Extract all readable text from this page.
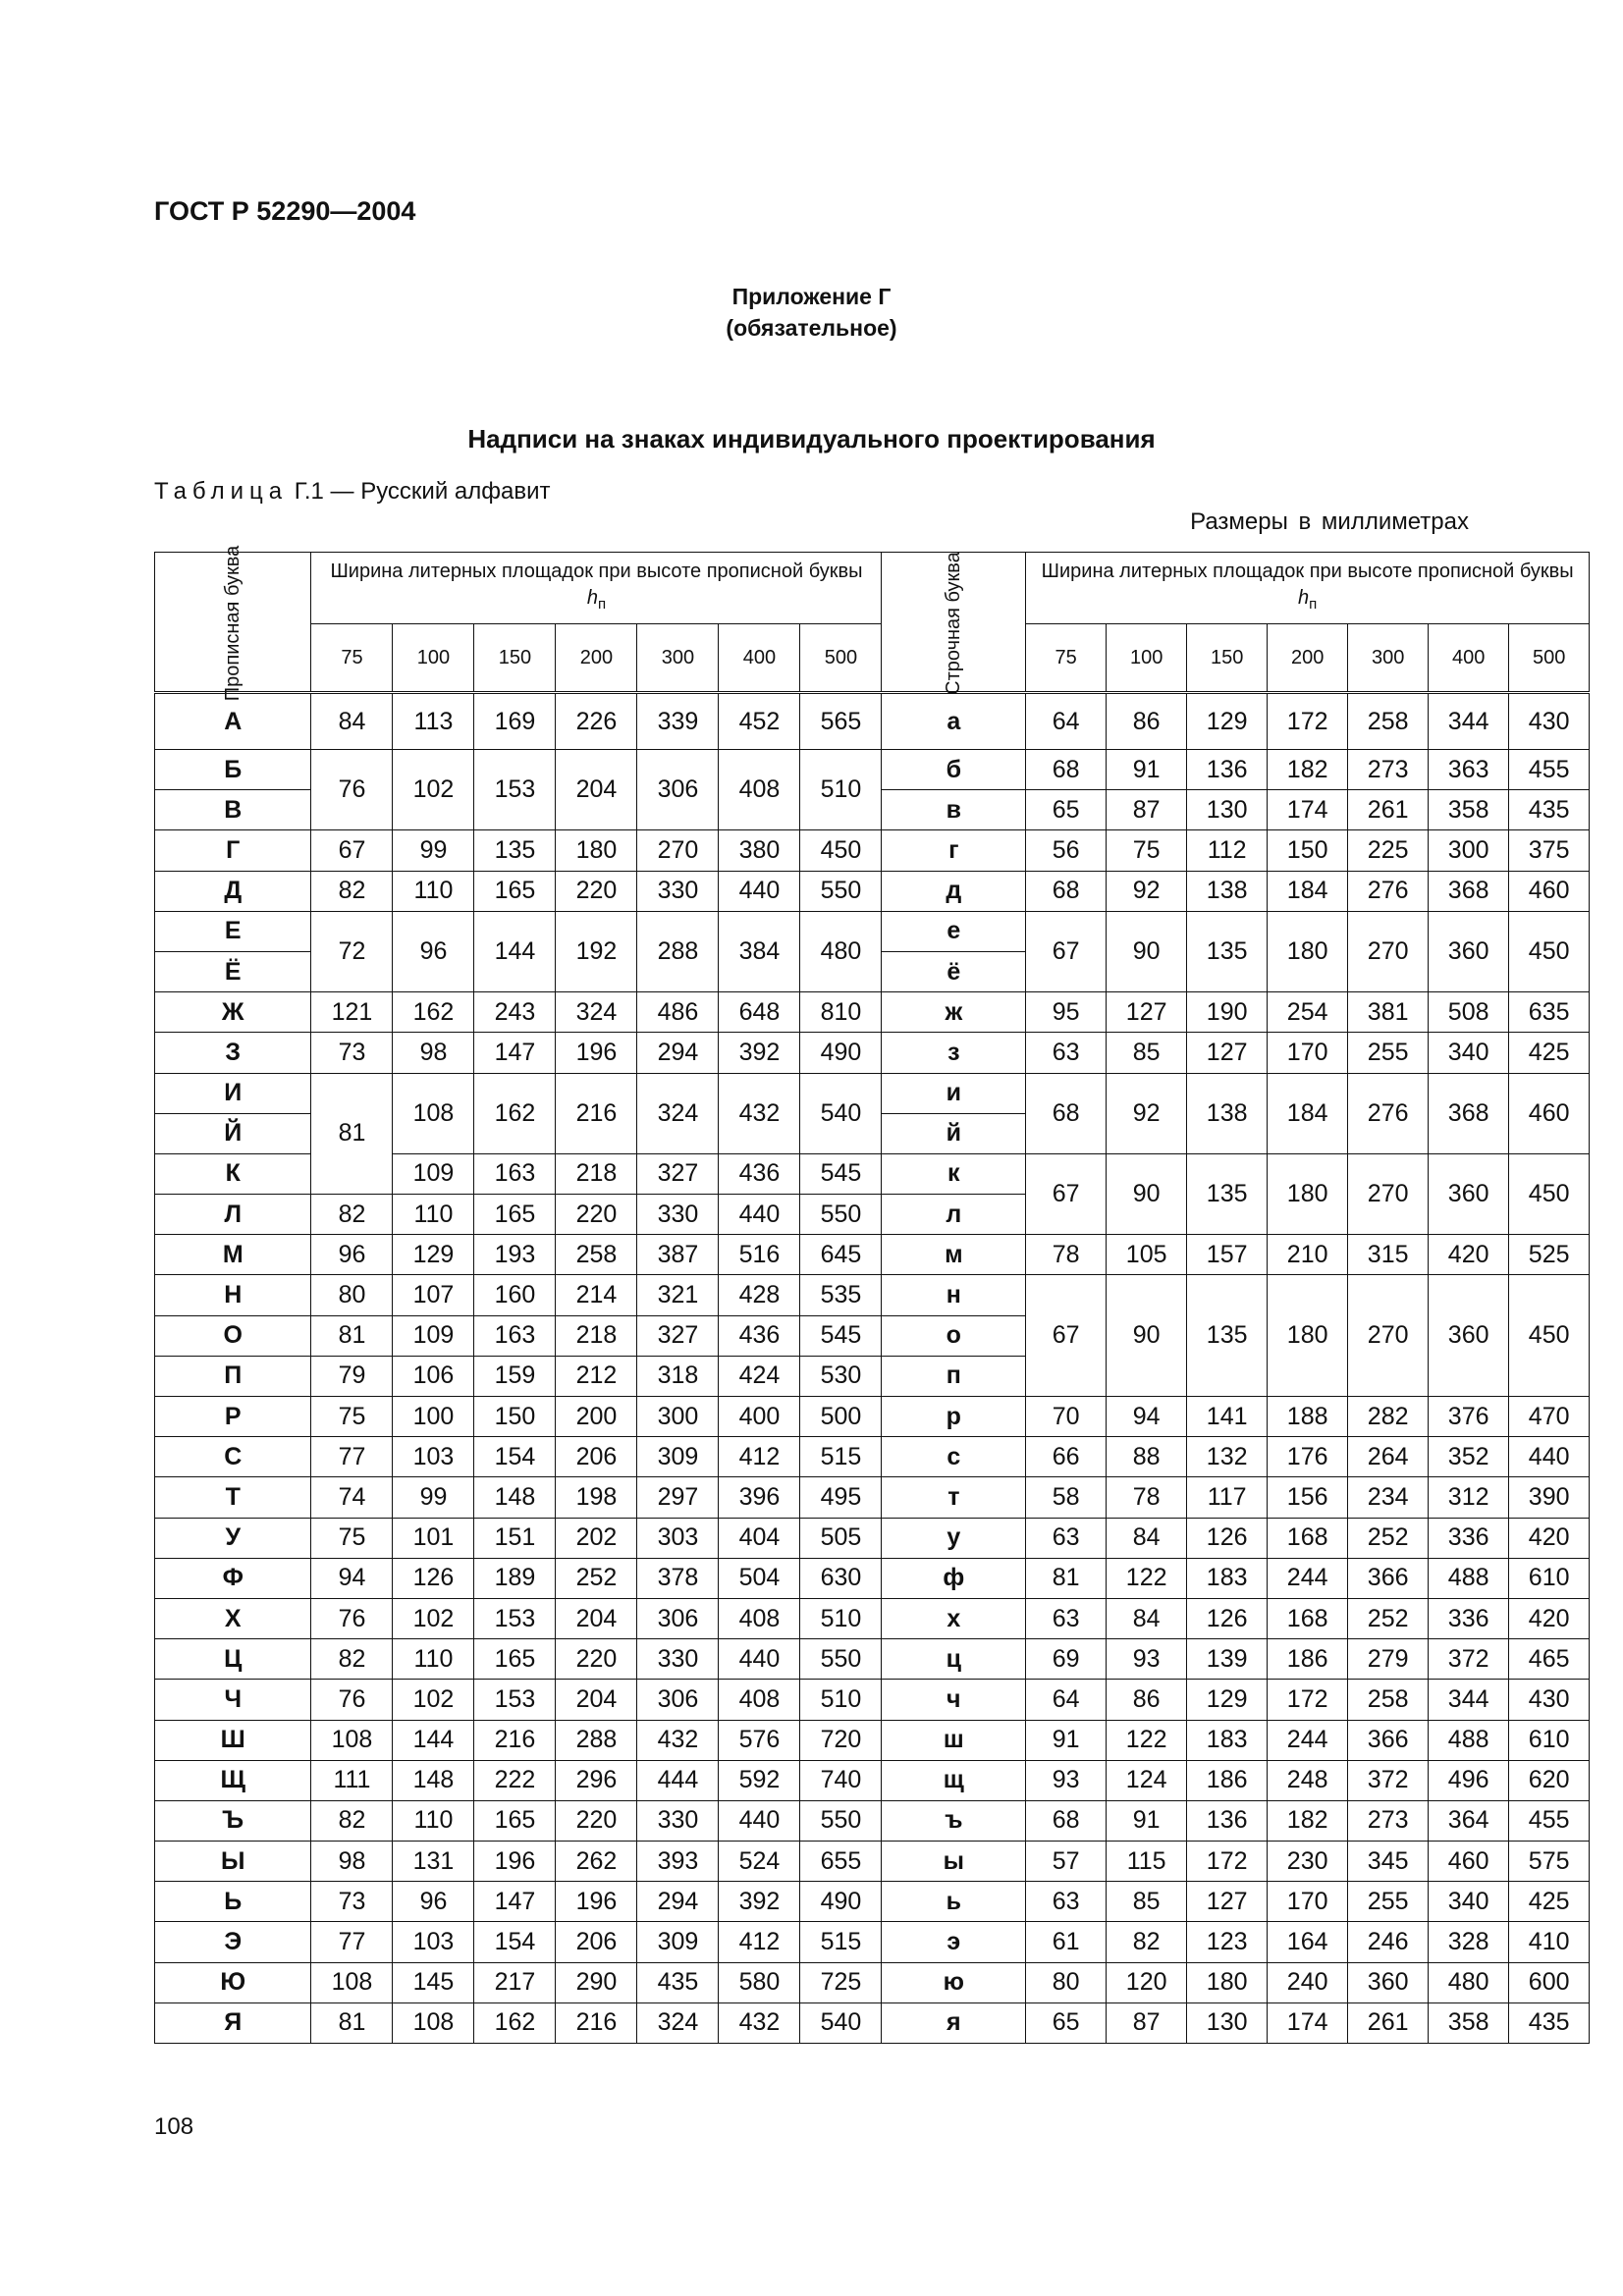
ГОСТ Р 52290—2004
Приложение Г
(обязательное)
Надписи на знаках индивидуального проектирования
Таблица Г.1 — Русский алфавит
Размеры в миллиметрах
Прописная буква	Ширина литерных площадок при высоте прописной буквы $h_п$							Строчная буква	Ширина литерных площадок при высоте прописной буквы $h_п$
	75	100	150	200	300	400	500		75	100	150	200	300	400	500
А	84	113	169	226	339	452	565	а	64	86	129	172	258	344	430
Б	76	102	153	204	306	408	510	б	68	91	136	182	273	363	455
В								в	65	87	130	174	261	358	435
Г	67	99	135	180	270	380	450	г	56	75	112	150	225	300	375
Д	82	110	165	220	330	440	550	д	68	92	138	184	276	368	460
Е	72	96	144	192	288	384	480	е	67	90	135	180	270	360	450
Ё								ё							
Ж	121	162	243	324	486	648	810	ж	95	127	190	254	381	508	635
З	73	98	147	196	294	392	490	з	63	85	127	170	255	340	425
И	81	108	162	216	324	432	540	и	68	92	138	184	276	368	460
Й								й							
К		109	163	218	327	436	545	к	67	90	135	180	270	360	450
Л	82	110	165	220	330	440	550	л							
М	96	129	193	258	387	516	645	м	78	105	157	210	315	420	525
Н	80	107	160	214	321	428	535	н	67	90	135	180	270	360	450
О	81	109	163	218	327	436	545	о							
П	79	106	159	212	318	424	530	п							
Р	75	100	150	200	300	400	500	р	70	94	141	188	282	376	470
С	77	103	154	206	309	412	515	с	66	88	132	176	264	352	440
Т	74	99	148	198	297	396	495	т	58	78	117	156	234	312	390
У	75	101	151	202	303	404	505	у	63	84	126	168	252	336	420
Ф	94	126	189	252	378	504	630	ф	81	122	183	244	366	488	610
Х	76	102	153	204	306	408	510	х	63	84	126	168	252	336	420
Ц	82	110	165	220	330	440	550	ц	69	93	139	186	279	372	465
Ч	76	102	153	204	306	408	510	ч	64	86	129	172	258	344	430
Ш	108	144	216	288	432	576	720	ш	91	122	183	244	366	488	610
Щ	111	148	222	296	444	592	740	щ	93	124	186	248	372	496	620
Ъ	82	110	165	220	330	440	550	ъ	68	91	136	182	273	364	455
Ы	98	131	196	262	393	524	655	ы	57	115	172	230	345	460	575
Ь	73	96	147	196	294	392	490	ь	63	85	127	170	255	340	425
Э	77	103	154	206	309	412	515	э	61	82	123	164	246	328	410
Ю	108	145	217	290	435	580	725	ю	80	120	180	240	360	480	600
Я	81	108	162	216	324	432	540	я	65	87	130	174	261	358	435
108
